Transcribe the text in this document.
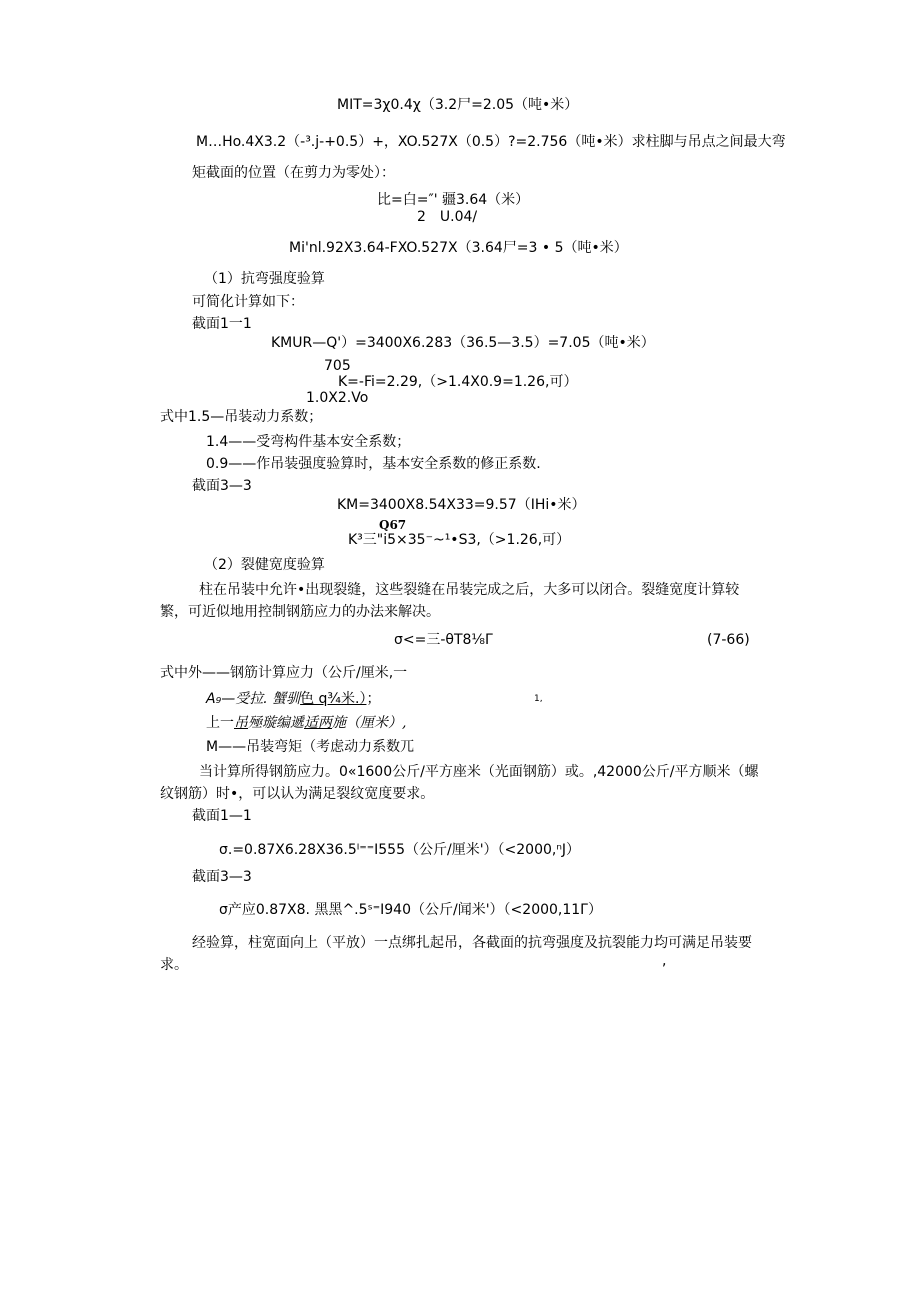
MIT=3χ0.4χ（3.2尸=2.05（吨•米）
M…Ho.4X3.2（-³.j-+0.5）+，XO.527X（0.5）?=2.756（吨•米）求柱脚与吊点之间最大弯
矩截面的位置（在剪力为零处）：
比=白=″' 疆3.64（米）
2　U.04/
Mi'nl.92X3.64-FXO.527X（3.64尸=3 • 5（吨•米）
（1）抗弯强度验算
可简化计算如下：
截面1一1
KMUR—Q'）=3400X6.283（36.5—3.5）=7.05（吨•米）
705
K=-Fi=2.29,（>1.4X0.9=1.26,可）
1.0X2.Vo
式中1.5—吊装动力系数；
1.4——受弯构件基本安全系数；
0.9——作吊装强度验算时，基本安全系数的修正系数.
截面3—3
KM=3400X8.54X33=9.57（IHi•米）
Q67
K³三"i5×35⁻~¹•S3,（>1.26,可）
（2）裂健宽度验算
柱在吊装中允许•出现裂缝，这些裂缝在吊装完成之后，大多可以闭合。裂缝宽度计算较
繁，可近似地用控制钢筋应力的办法来解决。
σ<=三-θT8⅛Γ	(7-66)
式中外——钢筋计算应力（公斤/厘米,一
A₉—受拉. 蟹驯色 q¾米.）；	1,
上一吊殛璇编遞适两施（厘米）,
M——吊装弯矩（考虑动力系数兀
当计算所得钢筋应力。0«1600公斤/平方座米（光面钢筋）或。,42000公斤/平方顺米（螺
纹钢筋）时•，可以认为满足裂纹宽度要求。
截面1—1
σ.=0.87X6.28X36.5ᴵ⁼⁼I555（公斤/厘米'）（<2000,ⁿJ）
截面3—3
σ产应0.87X8. 黑黑^.5ˢ⁼I940（公斤/闻米'）（<2000,11Γ）
经验算，柱宽面向上（平放）一点绑扎起吊，各截面的抗弯强度及抗裂能力均可满足吊装要
求。	,
